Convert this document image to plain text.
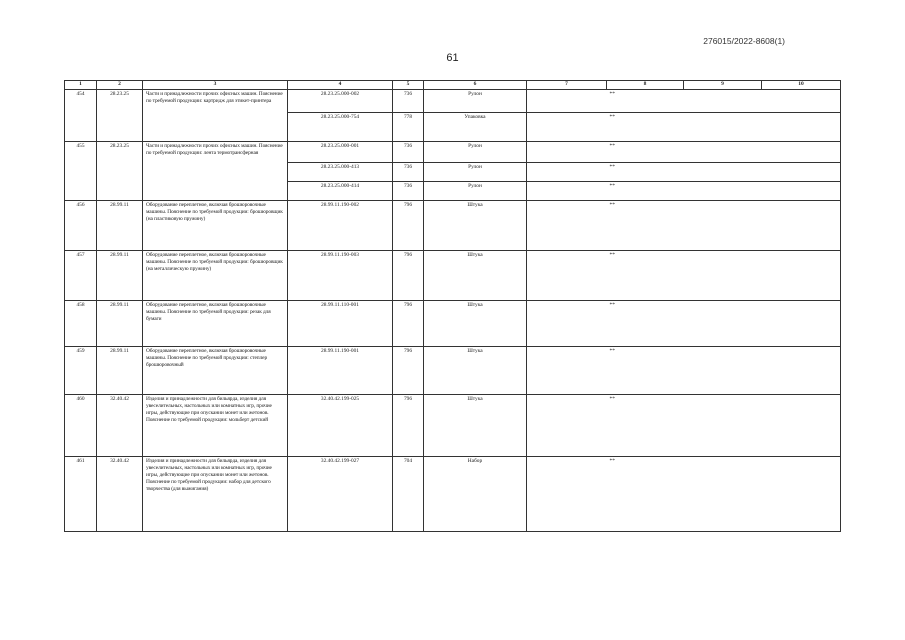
276015/2022-8608(1)
61
1	2	3	4	5	6	7	8	9	10
454	28.23.25	Части и принадлежности прочих офисных машин. Пояснение по требуемой продукции: картридж для этикет-принтера	28.23.25.000-002	736	Рулон		**		
			28.23.25.000-754	778	Упаковка		**		
455	28.23.25	Части и принадлежности прочих офисных машин. Пояснение по требуемой продукции: лента термотрансферная	28.23.25.000-001	736	Рулон		**		
			28.23.25.000-413	736	Рулон		**		
			28.23.25.000-414	736	Рулон		**		
456	28.99.11	Оборудование переплетное, включая брошюровочные машины. Пояснение по требуемой продукции: брошюровщик (на пластиковую пружину)	28.99.11.190-002	796	Штука		**		
457	28.99.11	Оборудование переплетное, включая брошюровочные машины. Пояснение по требуемой продукции: брошюровщик (на металлическую пружину)	28.99.11.190-003	796	Штука		**		
458	28.99.11	Оборудование переплетное, включая брошюровочные машины. Пояснение по требуемой продукции: резак для бумаги	28.99.11.110-001	796	Штука		**		
459	28.99.11	Оборудование переплетное, включая брошюровочные машины. Пояснение по требуемой продукции: степлер брошюровочный	28.99.11.190-001	796	Штука		**		
460	32.40.42	Изделия и принадлежности для бильярда, изделия для увеселительных, настольных или комнатных игр, прочие игры, действующие при опускании монет или жетонов. Пояснение по требуемой продукции: мольберт детский	32.40.42.199-025	796	Штука		**		
461	32.40.42	Изделия и принадлежности для бильярда, изделия для увеселительных, настольных или комнатных игр, прочие игры, действующие при опускании монет или жетонов. Пояснение по требуемой продукции: набор для детского творчества (для выжигания)	32.40.42.199-027	704	Набор		**		
